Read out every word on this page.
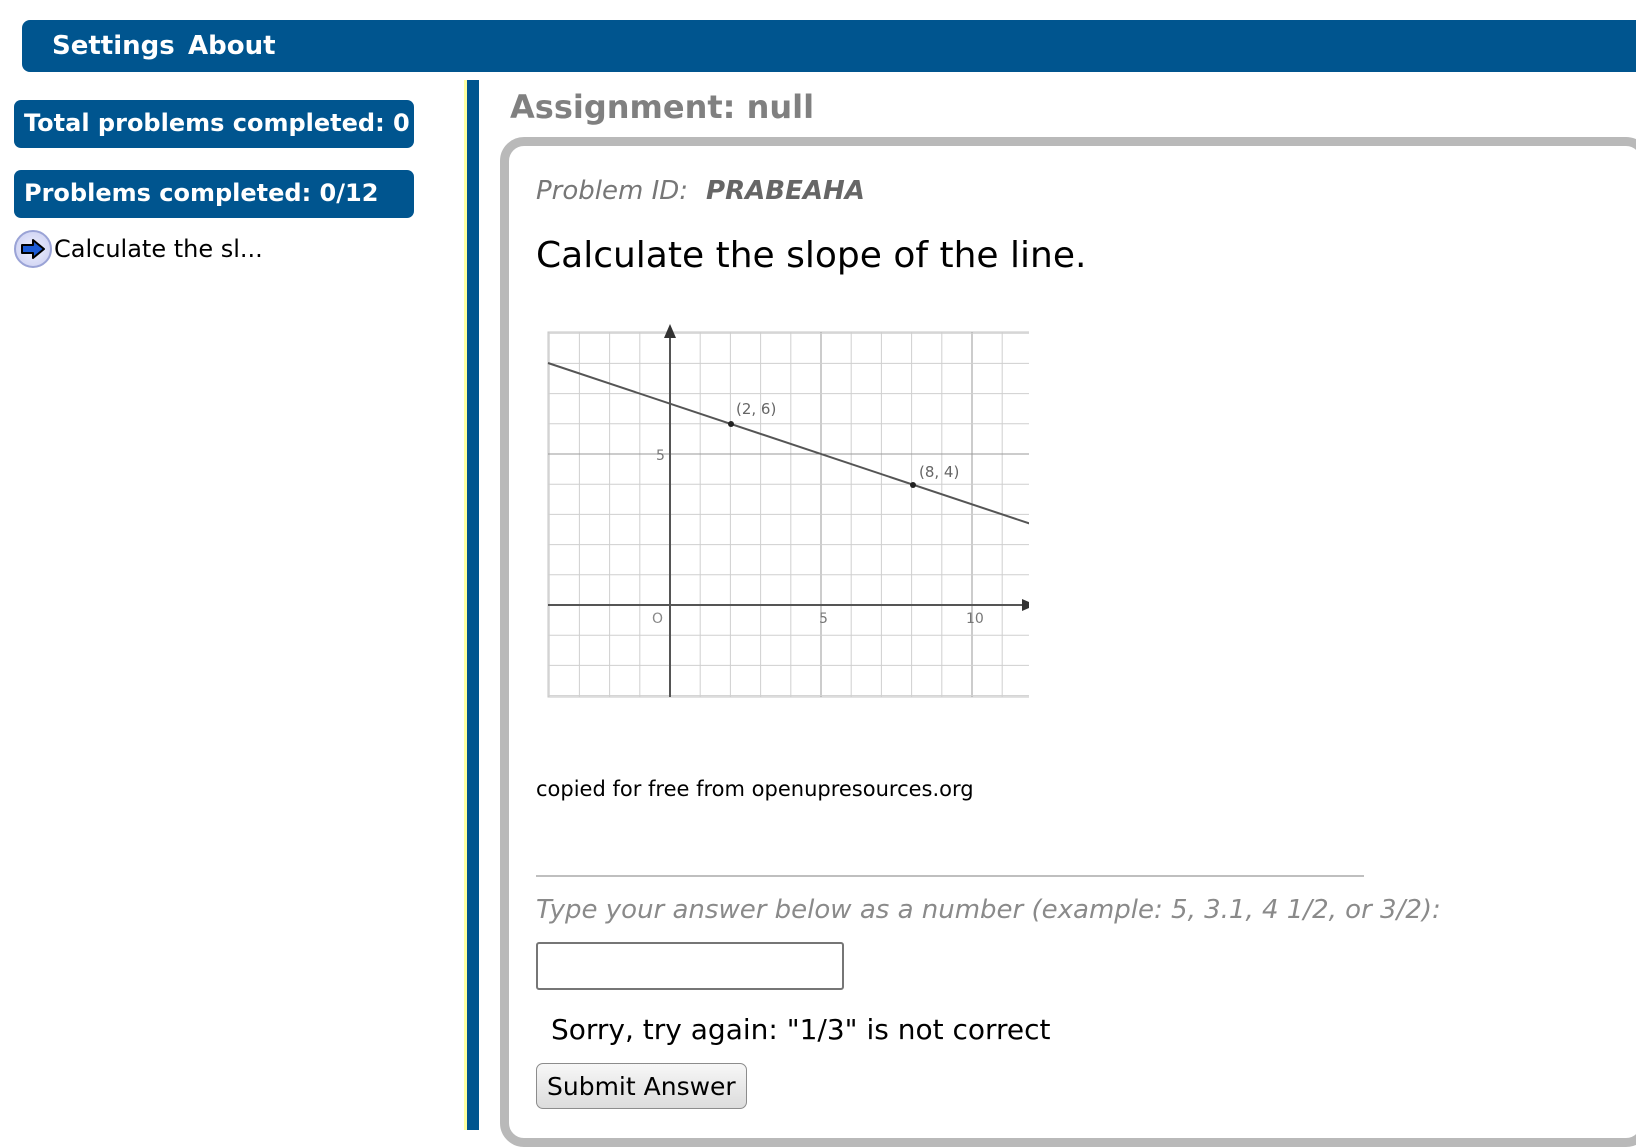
Settings About
Total problems completed: 0
Problems completed: 0/12
Calculate the sl...
Assignment: null
Problem ID: PRABEAHA
Calculate the slope of the line.
(2, 6)
(8, 4)
5
O	5	10
copied for free from openupresources.org
Type your answer below as a number (example: 5, 3.1, 4 1/2, or 3/2):
Sorry, try again: "1/3" is not correct
Submit Answer
